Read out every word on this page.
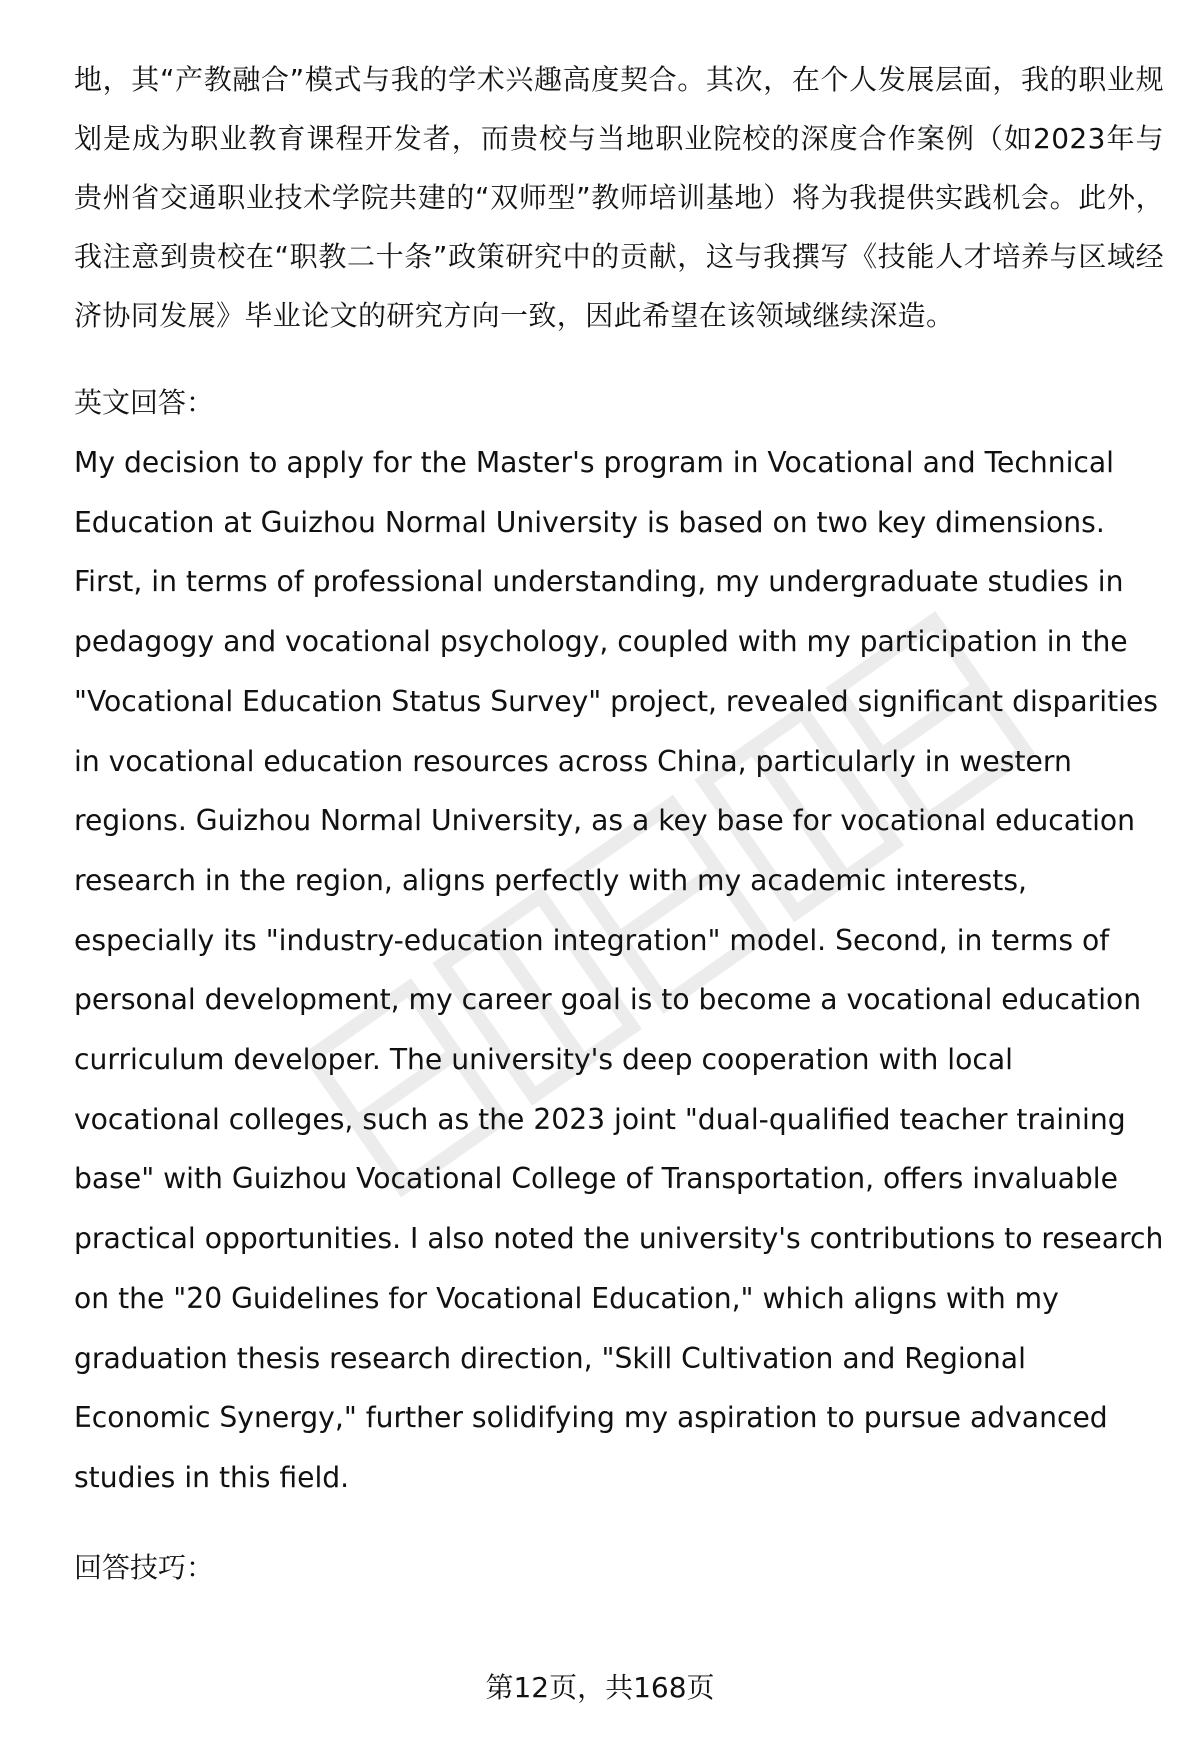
地，其“产教融合”模式与我的学术兴趣高度契合。其次，在个人发展层面，我的职业规划是成为职业教育课程开发者，而贵校与当地职业院校的深度合作案例（如2023年与贵州省交通职业技术学院共建的“双师型”教师培训基地）将为我提供实践机会。此外，我注意到贵校在“职教二十条”政策研究中的贡献，这与我撰写《技能人才培养与区域经济协同发展》毕业论文的研究方向一致，因此希望在该领域继续深造。

英文回答：

My decision to apply for the Master's program in Vocational and Technical Education at Guizhou Normal University is based on two key dimensions. First, in terms of professional understanding, my undergraduate studies in pedagogy and vocational psychology, coupled with my participation in the "Vocational Education Status Survey" project, revealed significant disparities in vocational education resources across China, particularly in western regions. Guizhou Normal University, as a key base for vocational education research in the region, aligns perfectly with my academic interests, especially its "industry-education integration" model. Second, in terms of personal development, my career goal is to become a vocational education curriculum developer. The university's deep cooperation with local vocational colleges, such as the 2023 joint "dual-qualified teacher training base" with Guizhou Vocational College of Transportation, offers invaluable practical opportunities. I also noted the university's contributions to research on the "20 Guidelines for Vocational Education," which aligns with my graduation thesis research direction, "Skill Cultivation and Regional Economic Synergy," further solidifying my aspiration to pursue advanced studies in this field.

回答技巧：

第12页，共168页
